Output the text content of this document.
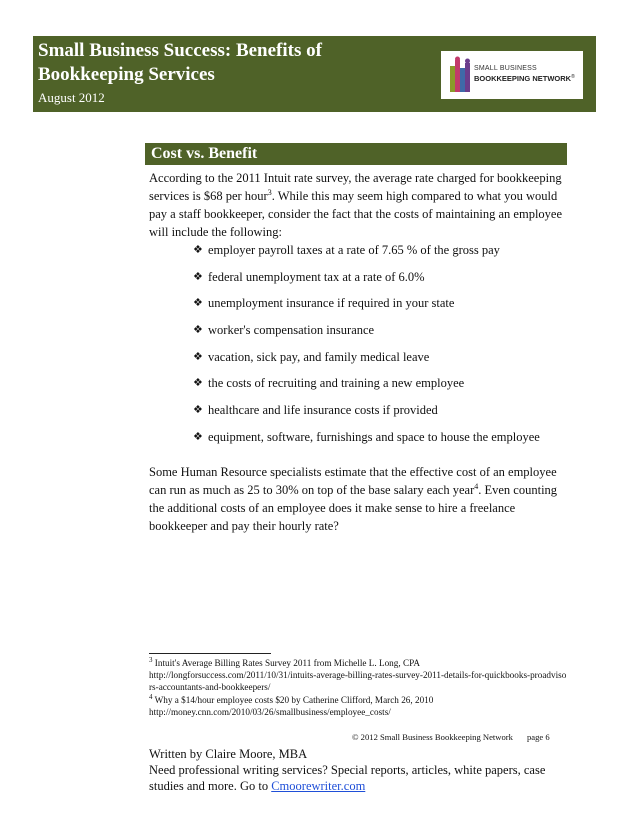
Small Business Success: Benefits of Bookkeeping Services
August 2012
SMALL BUSINESS
BOOKKEEPING NETWORK®
Cost vs. Benefit

According to the 2011 Intuit rate survey, the average rate charged for bookkeeping services is $68 per hour$^3$. While this may seem high compared to what you would pay a staff bookkeeper, consider the fact that the costs of maintaining an employee will include the following:

❖ employer payroll taxes at a rate of 7.65 % of the gross pay
❖ federal unemployment tax at a rate of 6.0%
❖ unemployment insurance if required in your state
❖ worker's compensation insurance
❖ vacation, sick pay, and family medical leave
❖ the costs of recruiting and training a new employee
❖ healthcare and life insurance costs if provided
❖ equipment, software, furnishings and space to house the employee

Some Human Resource specialists estimate that the effective cost of an employee can run as much as 25 to 30% on top of the base salary each year$^4$. Even counting the additional costs of an employee does it make sense to hire a freelance bookkeeper and pay their hourly rate?

$^3$ Intuit's Average Billing Rates Survey 2011 from Michelle L. Long, CPA

http://longforsuccess.com/2011/10/31/intuits-average-billing-rates-survey-2011-details-for-quickbooks-proadvisors-accountants-and-bookkeepers/

$^4$ Why a $14/hour employee costs $20 by Catherine Clifford, March 26, 2010

http://money.cnn.com/2010/03/26/smallbusiness/employee_costs/

© 2012 Small Business Bookkeeping Network page 6

Written by Claire Moore, MBA

Need professional writing services? Special reports, articles, white papers, case studies and more. Go to Cmoorewriter.com
